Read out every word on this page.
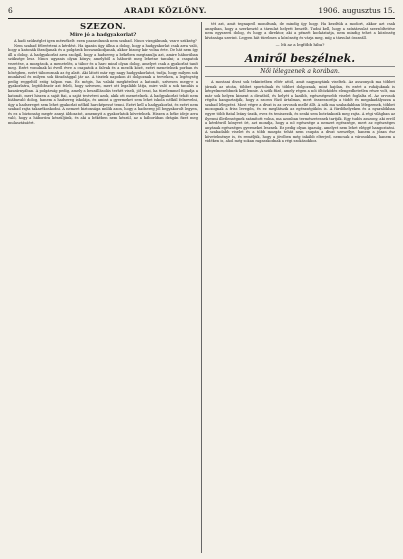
6	ARADI KÖZLÖNY.	1906. augusztus 15.
SZEZON.
Mire jó a hadgyakorlat?

A hadi szükséglet igen mérsékelt: ezen pazarolnunk nem szabad. Nincs vizsgálnunk, van-e szükség?

Nem szabad félreérteni a kérdést. Ha igazán úgy állna a dolog, hogy a hadgyakorlat csak arra való, hogy a katonák fáradjanak és a polgárok bosszankodjanak, akkor bizony kár volna érte. De hát nem így áll a dolog. A hadgyakorlat arra szolgál, hogy a hadsereg a békében megtanulja azt, amire háborúban szüksége lesz. Nincs ugyanis olyan könyv, amelyből a háborút meg lehetne tanulni; a csapatok vezetése, a mozgások, a menetelés, a tábor és a harc mind olyan dolog, amelyet csak a gyakorlat tanít meg. Ezért vonulnak ki évről évre a csapatok a falvak és a mezők közé, ezért menetelnek porban és hőségben, ezért táboroznak az ég alatt. Aki látott már egy nagy hadgyakorlatot, tudja, hogy milyen sok munkával és milyen sok fáradsággal jár az. A tisztek napokon át dolgoznak a terveken, a legénység pedig reggeltől estig talpon van. És mégis, ha valaki megkérdezi a katonát, szívesen megy-e a gyakorlatra, legtöbbször azt feleli, hogy szívesen, mert ott legalább látja, mire való a sok tanulás a kaszárnyában. A polgárság pedig, amely a beszállásolás terhét viseli, jól teszi, ha türelemmel fogadja a katonát, mert hiszen a saját fiai, a saját testvérei azok, akik ott menetelnek. A hadgyakorlat tehát nem hiábavaló dolog, hanem a hadsereg iskolája, és amint a gyermeket sem lehet iskola nélkül felnevelni, úgy a hadsereget sem lehet gyakorlat nélkül harcképessé tenni. Ezért kell a hadgyakorlat, és ezért nem szabad rajta takarékoskodni. A nemzet biztonsága múlik azon, hogy a hadsereg jól begyakorolt legyen, és ez a biztonság megér annyi áldozatot, amennyit a gyakorlatok követelnek. Hiszen a béke ideje arra való, hogy a háborúra készüljünk, és aki a békében nem készül, az a háborúban drágán fizet meg mulasztásáért.

tét azt, amit tegnapról mondtunk, de mindig így hogy. Ha kezdtük a modort, akkor azt csak annyiban, hogy a szerkesztő a társulat helyett beszélt. Tudni kell, hogy a színtársulat szerződtetése nem egyszerű dolog, és hogy a direktor, aki a pénzét kockáztatja, nem mindig tehet a közönség kívánsága szerint. Legyen hát türelmes a közönség és várja meg, míg a társulat összeáll.

— Mi az a legfőbb hiba?
Amiről beszélnek.
Női lélegzenek a korában.

A mostani divat sok tekintetben eltér attól, amit nagyanyáink viseltek. Az asszonyok ma többet járnak az utcán, többet sportolnak és többet dolgoznak, mint hajdan, és ezért a ruhájuknak is kényelmesebbnek kell lennie. A szűk fűző, amely régen a női öltözködés elengedhetetlen része volt, ma már sok helyen kiment a divatból, és helyét a lazább, egészségesebb viselet foglalta el. Az orvosok régóta hangoztatják, hogy a szoros fűző ártalmas, mert összeszorítja a tüdőt és megakadályozza a szabad lélegzést. Most végre a divat is az orvosok mellé állt. A nők ma szabadabban lélegzenek, többet mozognak a friss levegőn, és ez meglátszik az egészségükön is. A fürdőhelyeken és a nyaralókban egyre több fiatal leány úszik, evez és teniszezik, és senki sem botránkozik meg rajta. A régi világban az ilyesmi illetlenségnek számított volna, ma azonban természetesnek tartják. Egy tudós asszony, aki erről a kérdésről könyvet írt, azt mondja, hogy a nő egészsége a nemzet egészsége, mert az egészséges anyának egészséges gyermekei lesznek. Ez pedig olyan igazság, amelyet nem lehet eléggé hangoztatni. A szabadabb viselet és a több mozgás tehát nem csupán a divat szeszélye, hanem a józan ész követelménye is, és reméljük, hogy a jövőben még inkább elterjed, nemcsak a városokban, hanem a vidéken is, ahol még sokan ragaszkodnak a régi szokásokhoz.
